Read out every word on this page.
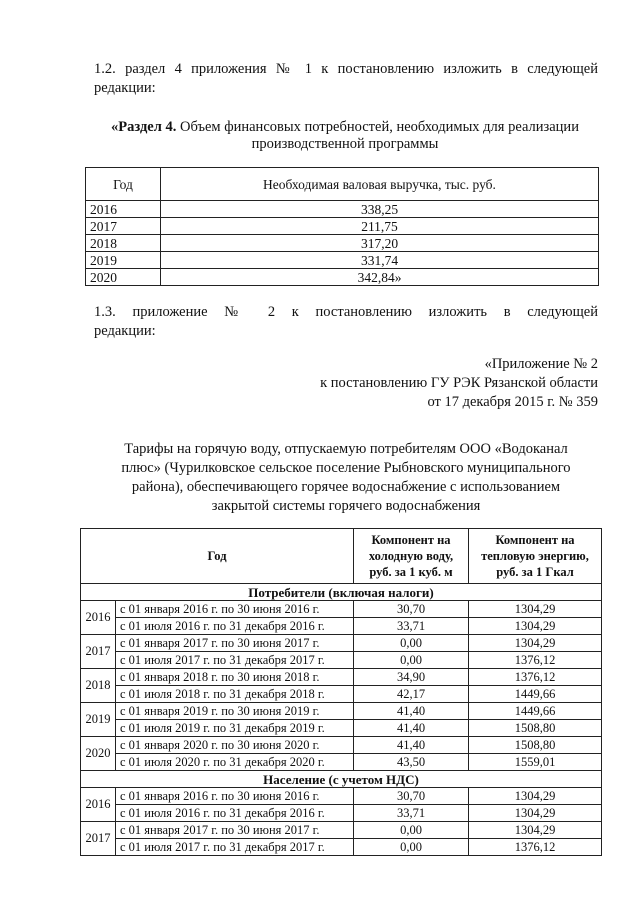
1.2. раздел 4 приложения № 1 к постановлению изложить в следующей
редакции:
«Раздел 4. Объем финансовых потребностей, необходимых для реализации
производственной программы
Год	Необходимая валовая выручка, тыс. руб.
2016	338,25
2017	211,75
2018	317,20
2019	331,74
2020	342,84»
1.3. приложение № 2 к постановлению изложить в следующей
редакции:
«Приложение № 2
к постановлению ГУ РЭК Рязанской области
от 17 декабря 2015 г. № 359
Тарифы на горячую воду, отпускаемую потребителям ООО «Водоканал
плюс» (Чурилковское сельское поселение Рыбновского муниципального
района), обеспечивающего горячее водоснабжение с использованием
закрытой системы горячего водоснабжения
Год		Компонент на холодную воду, руб. за 1 куб. м	Компонент на тепловую энергию, руб. за 1 Гкал
Потребители (включая налоги)			
2016	с 01 января 2016 г. по 30 июня 2016 г.	30,70	1304,29
	с 01 июля 2016 г. по 31 декабря 2016 г.	33,71	1304,29
2017	с 01 января 2017 г. по 30 июня 2017 г.	0,00	1304,29
	с 01 июля 2017 г. по 31 декабря 2017 г.	0,00	1376,12
2018	с 01 января 2018 г. по 30 июня 2018 г.	34,90	1376,12
	с 01 июля 2018 г. по 31 декабря 2018 г.	42,17	1449,66
2019	с 01 января 2019 г. по 30 июня 2019 г.	41,40	1449,66
	с 01 июля 2019 г. по 31 декабря 2019 г.	41,40	1508,80
2020	с 01 января 2020 г. по 30 июня 2020 г.	41,40	1508,80
	с 01 июля 2020 г. по 31 декабря 2020 г.	43,50	1559,01
Население (с учетом НДС)			
2016	с 01 января 2016 г. по 30 июня 2016 г.	30,70	1304,29
	с 01 июля 2016 г. по 31 декабря 2016 г.	33,71	1304,29
2017	с 01 января 2017 г. по 30 июня 2017 г.	0,00	1304,29
	с 01 июля 2017 г. по 31 декабря 2017 г.	0,00	1376,12
